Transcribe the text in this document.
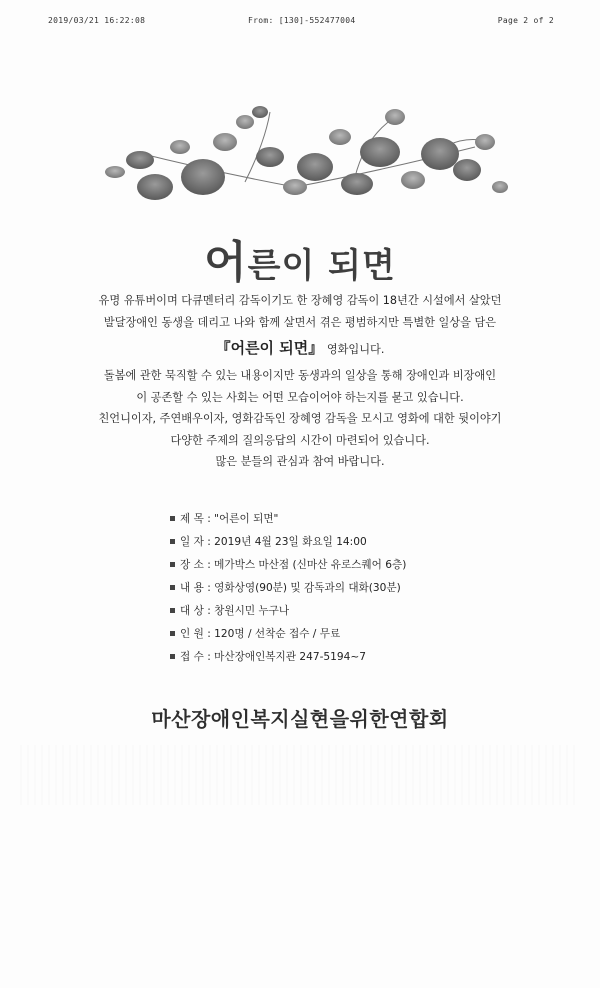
2019/03/21 16:22:08	From: [130]-552477004	Page 2 of 2
어른이 되면

유명 유튜버이며 다큐멘터리 감독이기도 한 장혜영 감독이 18년간 시설에서 살았던

발달장애인 동생을 데리고 나와 함께 살면서 겪은 평범하지만 특별한 일상을 담은

『어른이 되면』 영화입니다.

돌봄에 관한 묵직할 수 있는 내용이지만 동생과의 일상을 통해 장애인과 비장애인

이 공존할 수 있는 사회는 어떤 모습이어야 하는지를 묻고 있습니다.

친언니이자, 주연배우이자, 영화감독인 장혜영 감독을 모시고 영화에 대한 뒷이야기

다양한 주제의 질의응답의 시간이 마련되어 있습니다.

많은 분들의 관심과 참여 바랍니다.

제 목 : "어른이 되면"
일 자 : 2019년 4월 23일 화요일 14:00
장 소 : 메가박스 마산점 (신마산 유로스퀘어 6층)
내 용 : 영화상영(90분) 및 감독과의 대화(30분)
대 상 : 창원시민 누구나
인 원 : 120명 / 선착순 접수 / 무료
접 수 : 마산장애인복지관 247-5194~7
마산장애인복지실현을위한연합회
